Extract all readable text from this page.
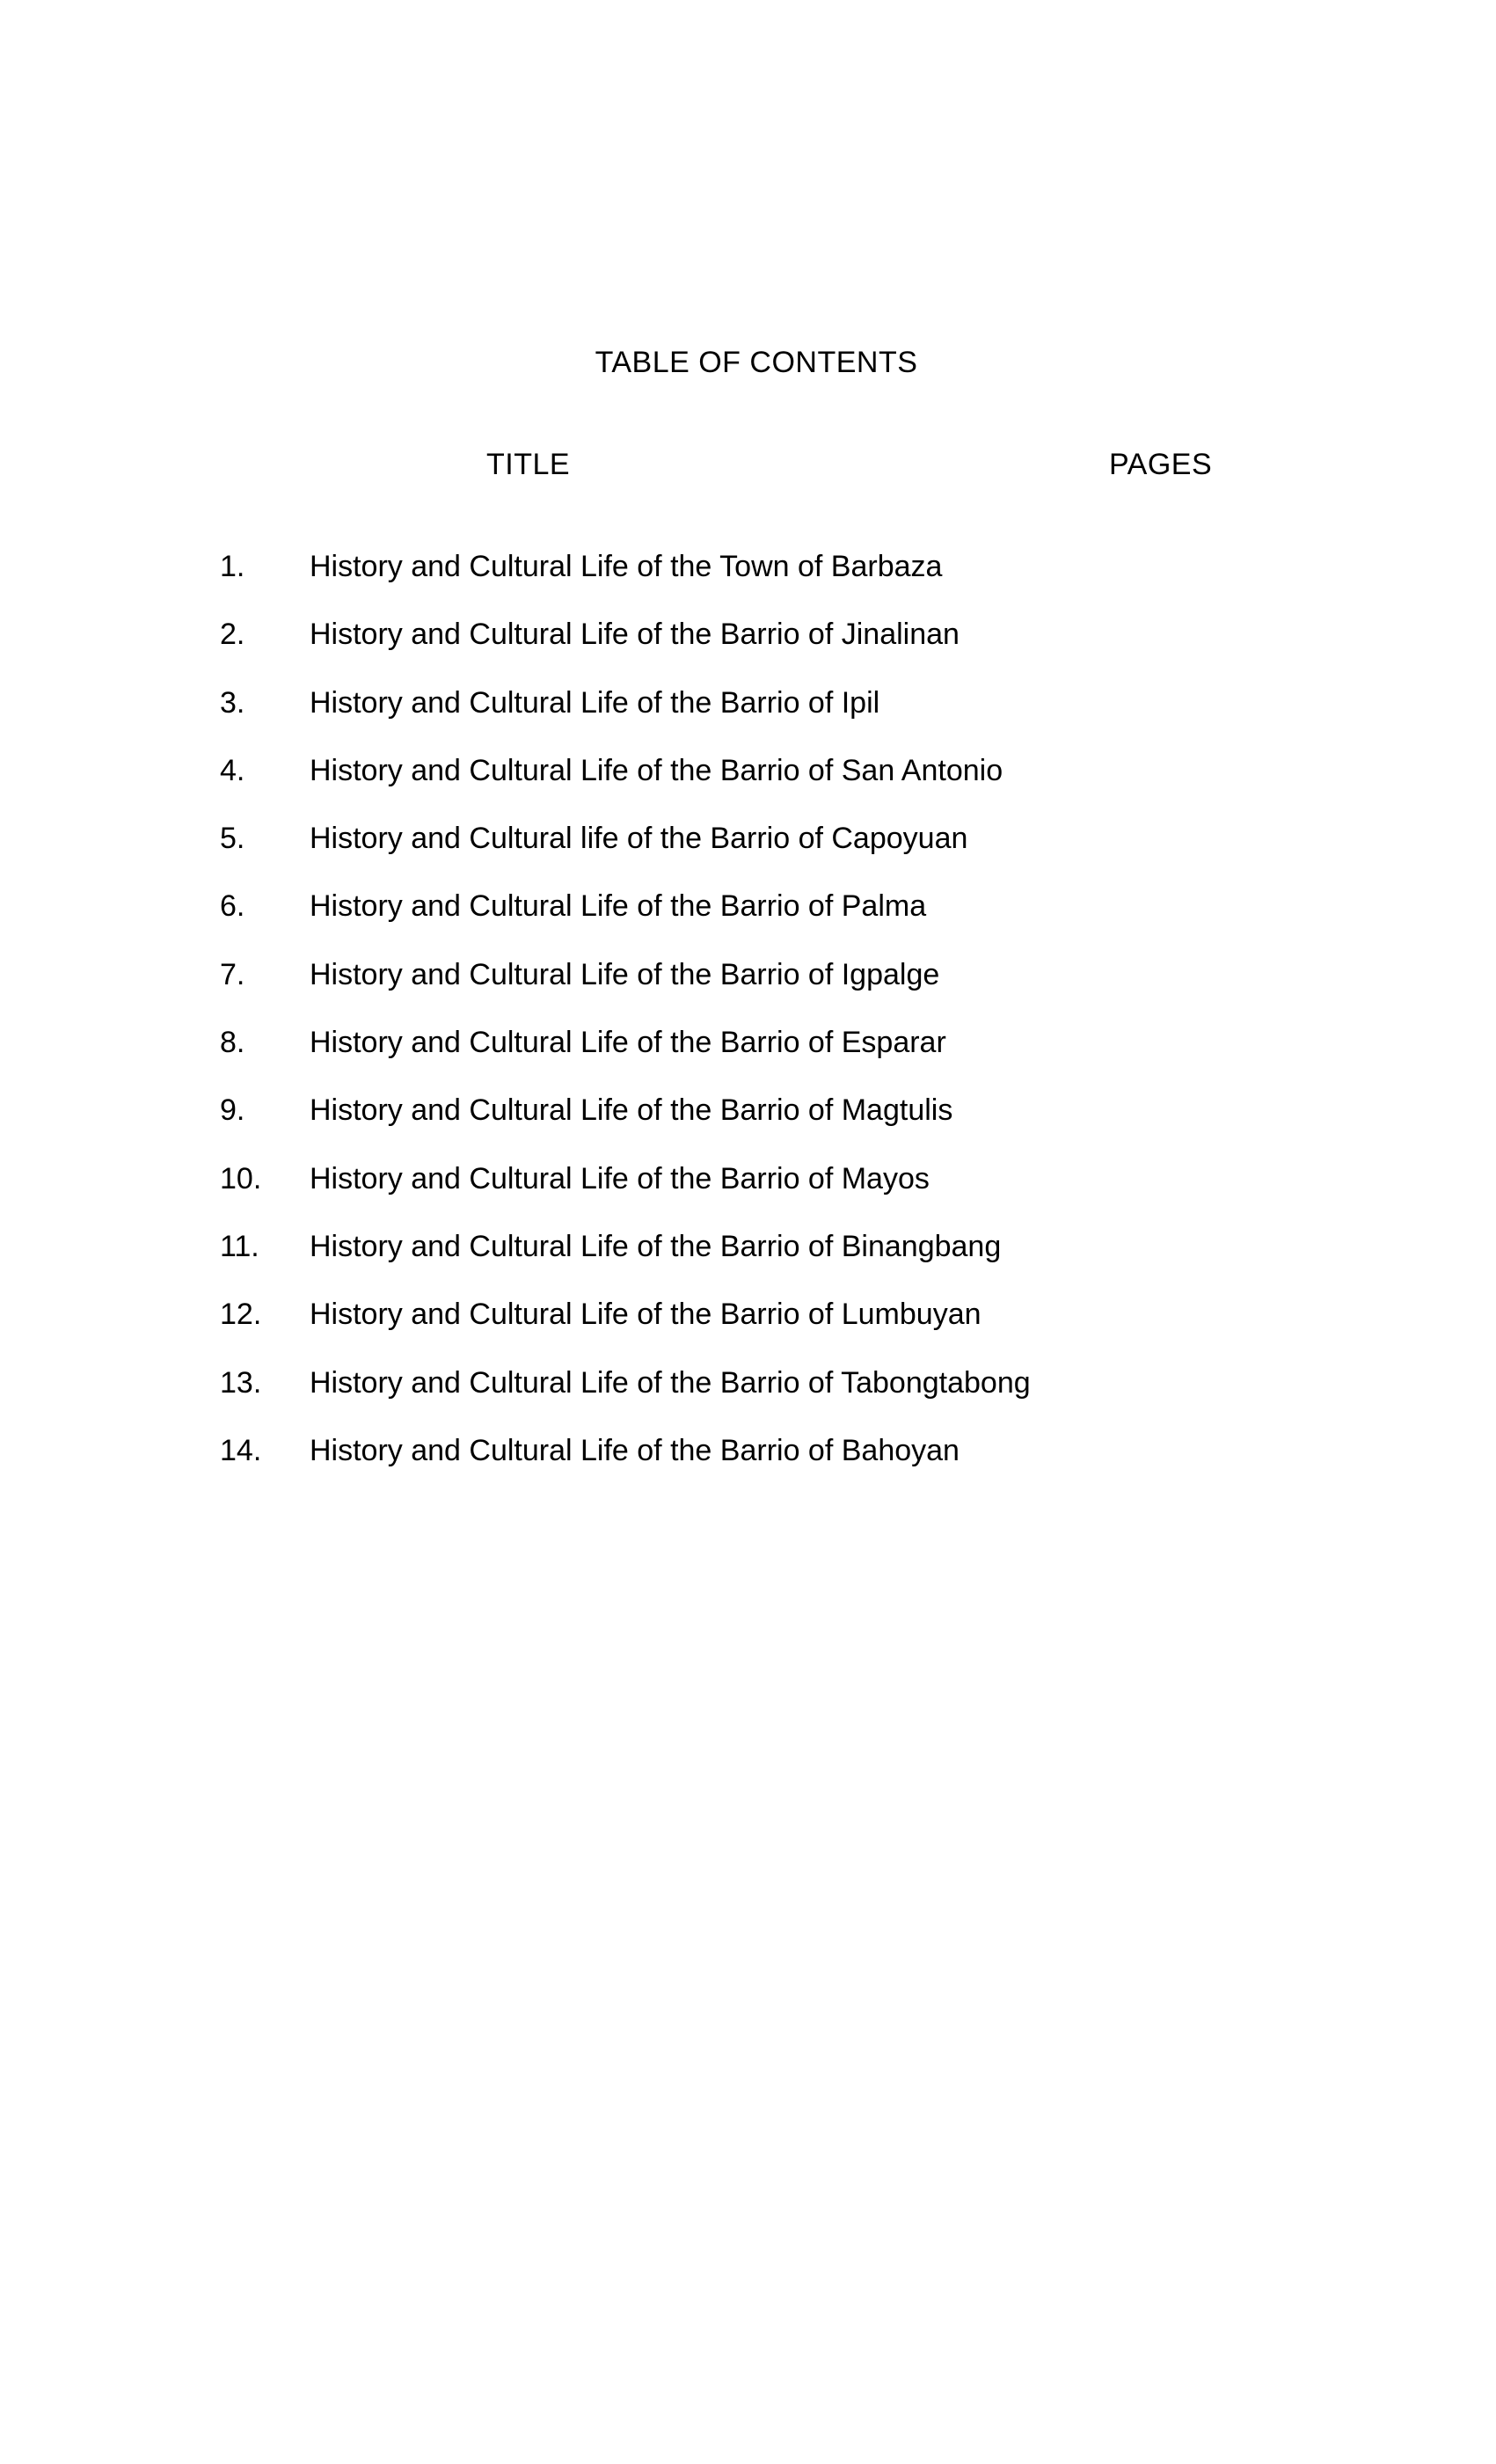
TABLE OF CONTENTS
TITLE	PAGES
1. History and Cultural Life of the Town of Barbaza
2. History and Cultural Life of the Barrio of Jinalinan
3. History and Cultural Life of the Barrio of Ipil
4. History and Cultural Life of the Barrio of San Antonio
5. History and Cultural life of the Barrio of Capoyuan
6. History and Cultural Life of the Barrio of Palma
7. History and Cultural Life of the Barrio of Igpalge
8. History and Cultural Life of the Barrio of Esparar
9. History and Cultural Life of the Barrio of Magtulis
10. History and Cultural Life of the Barrio of Mayos
11. History and Cultural Life of the Barrio of Binangbang
12. History and Cultural Life of the Barrio of Lumbuyan
13. History and Cultural Life of the Barrio of Tabongtabong
14. History and Cultural Life of the Barrio of Bahoyan
